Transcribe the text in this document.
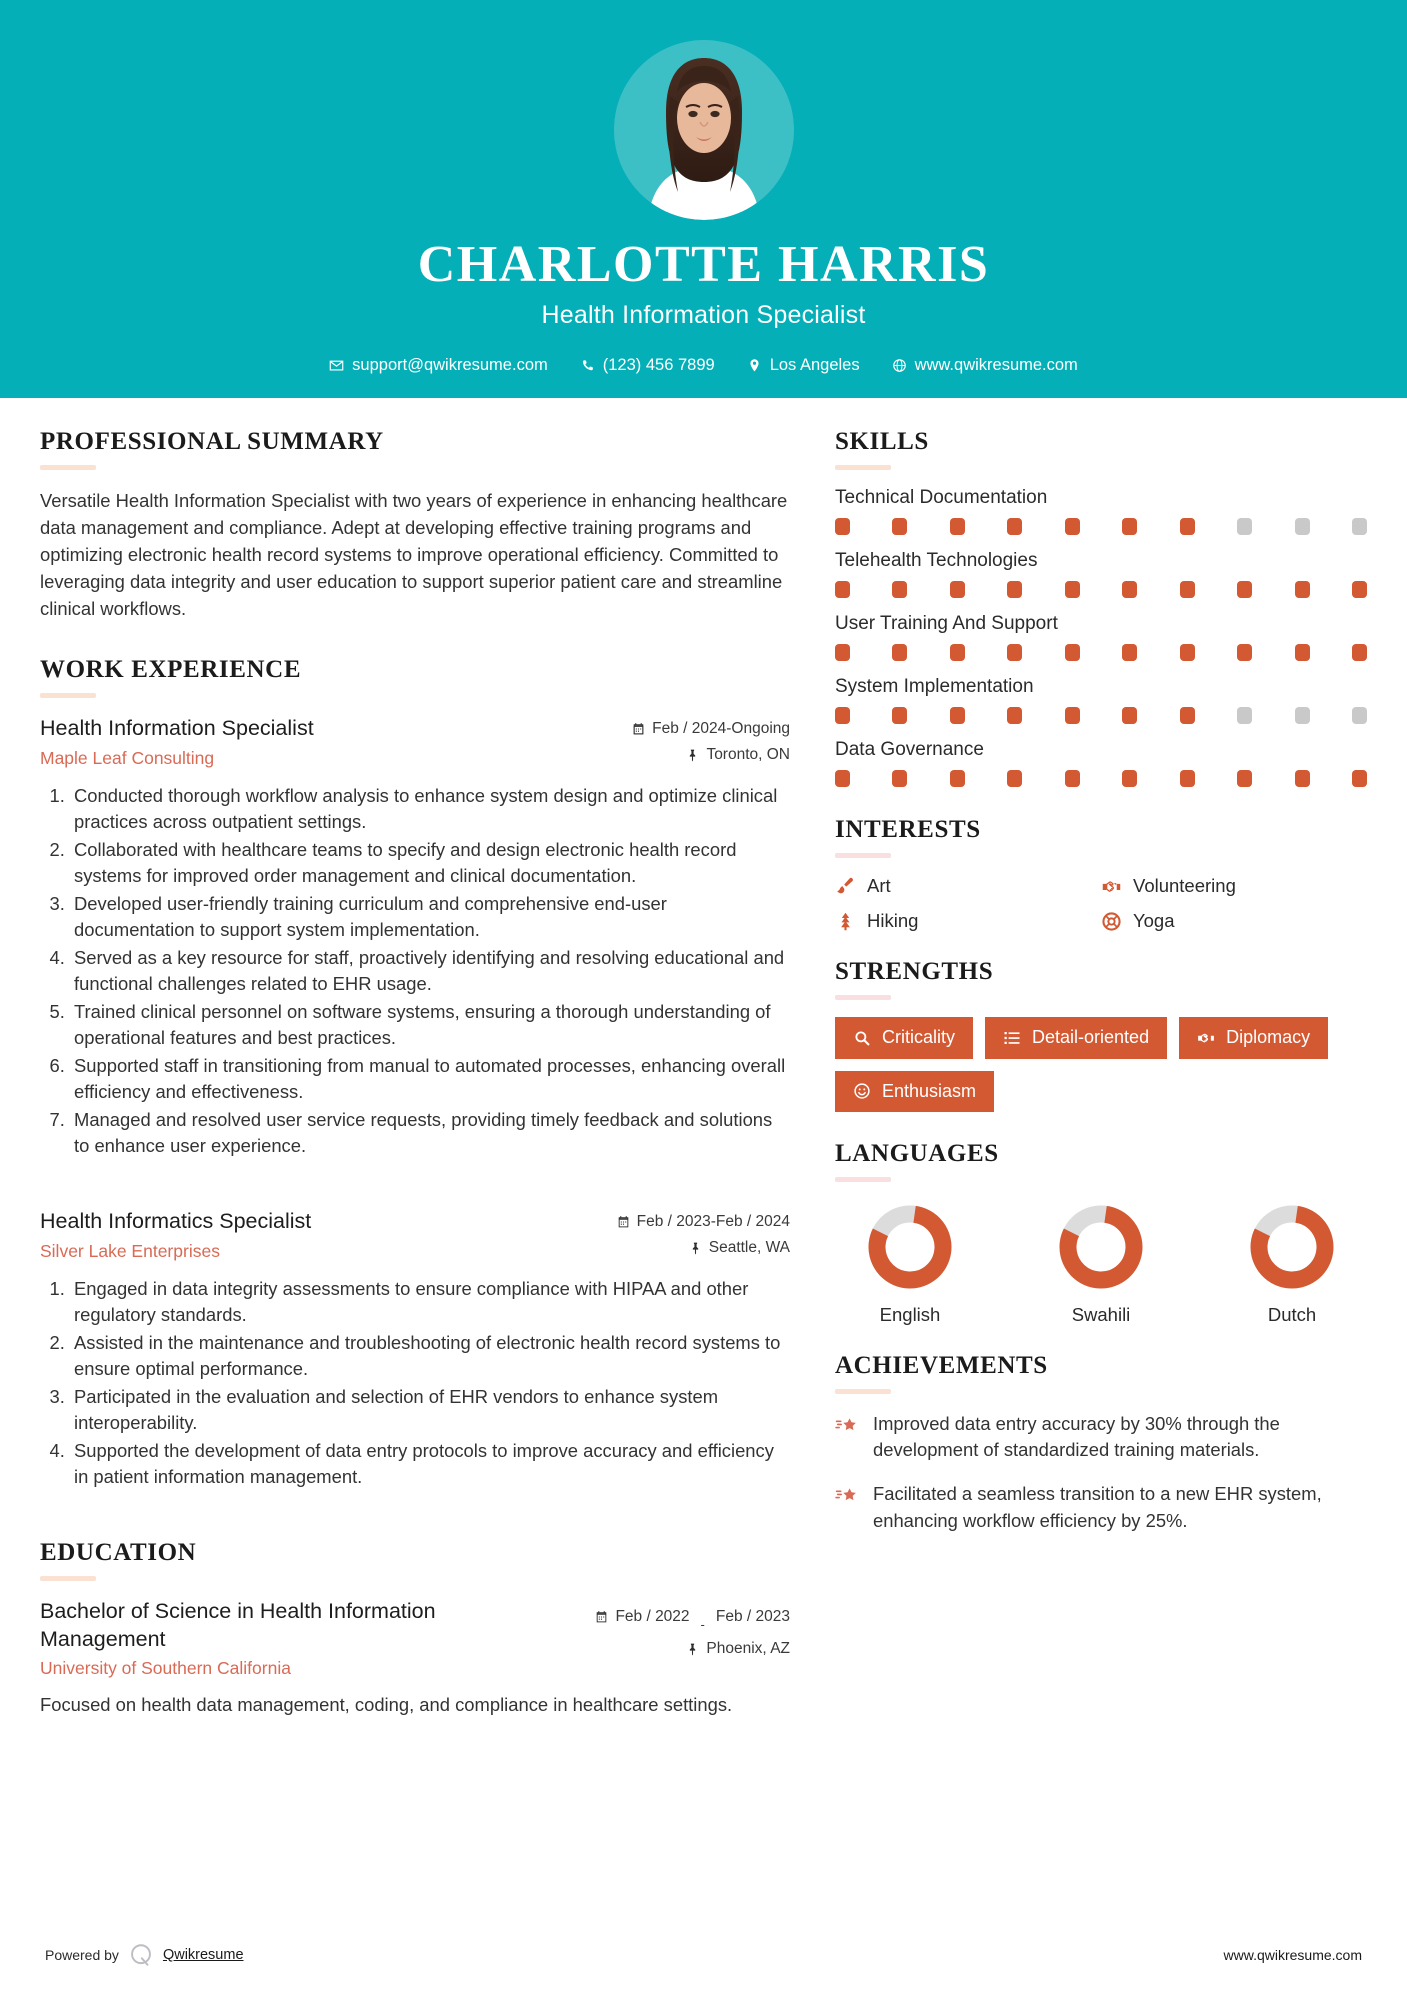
CHARLOTTE HARRIS
Health Information Specialist
support@qwikresume.com	(123) 456 7899	Los Angeles	www.qwikresume.com
PROFESSIONAL SUMMARY

Versatile Health Information Specialist with two years of experience in enhancing healthcare data management and compliance. Adept at developing effective training programs and optimizing electronic health record systems to improve operational efficiency. Committed to leveraging data integrity and user education to support superior patient care and streamline clinical workflows.

WORK EXPERIENCE
Health Information Specialist
Maple Leaf Consulting
Feb / 2024-Ongoing
Toronto, ON
1. Conducted thorough workflow analysis to enhance system design and optimize clinical practices across outpatient settings.
2. Collaborated with healthcare teams to specify and design electronic health record systems for improved order management and clinical documentation.
3. Developed user-friendly training curriculum and comprehensive end-user documentation to support system implementation.
4. Served as a key resource for staff, proactively identifying and resolving educational and functional challenges related to EHR usage.
5. Trained clinical personnel on software systems, ensuring a thorough understanding of operational features and best practices.
6. Supported staff in transitioning from manual to automated processes, enhancing overall efficiency and effectiveness.
7. Managed and resolved user service requests, providing timely feedback and solutions to enhance user experience.
Health Informatics Specialist
Silver Lake Enterprises
Feb / 2023-Feb / 2024
Seattle, WA
1. Engaged in data integrity assessments to ensure compliance with HIPAA and other regulatory standards.
2. Assisted in the maintenance and troubleshooting of electronic health record systems to ensure optimal performance.
3. Participated in the evaluation and selection of EHR vendors to enhance system interoperability.
4. Supported the development of data entry protocols to improve accuracy and efficiency in patient information management.
EDUCATION
Bachelor of Science in Health Information Management
University of Southern California
Feb / 2022 - Feb / 2023
Phoenix, AZ
Focused on health data management, coding, and compliance in healthcare settings.
SKILLS
Technical Documentation
Telehealth Technologies
User Training And Support
System Implementation
Data Governance
INTERESTS
Art	Volunteering
Hiking	Yoga
STRENGTHS
Criticality	Detail-oriented	Diplomacy
Enthusiasm
LANGUAGES
English	Swahili	Dutch
ACHIEVEMENTS
Improved data entry accuracy by 30% through the development of standardized training materials.
Facilitated a seamless transition to a new EHR system, enhancing workflow efficiency by 25%.
Powered by	Qwikresume	www.qwikresume.com
